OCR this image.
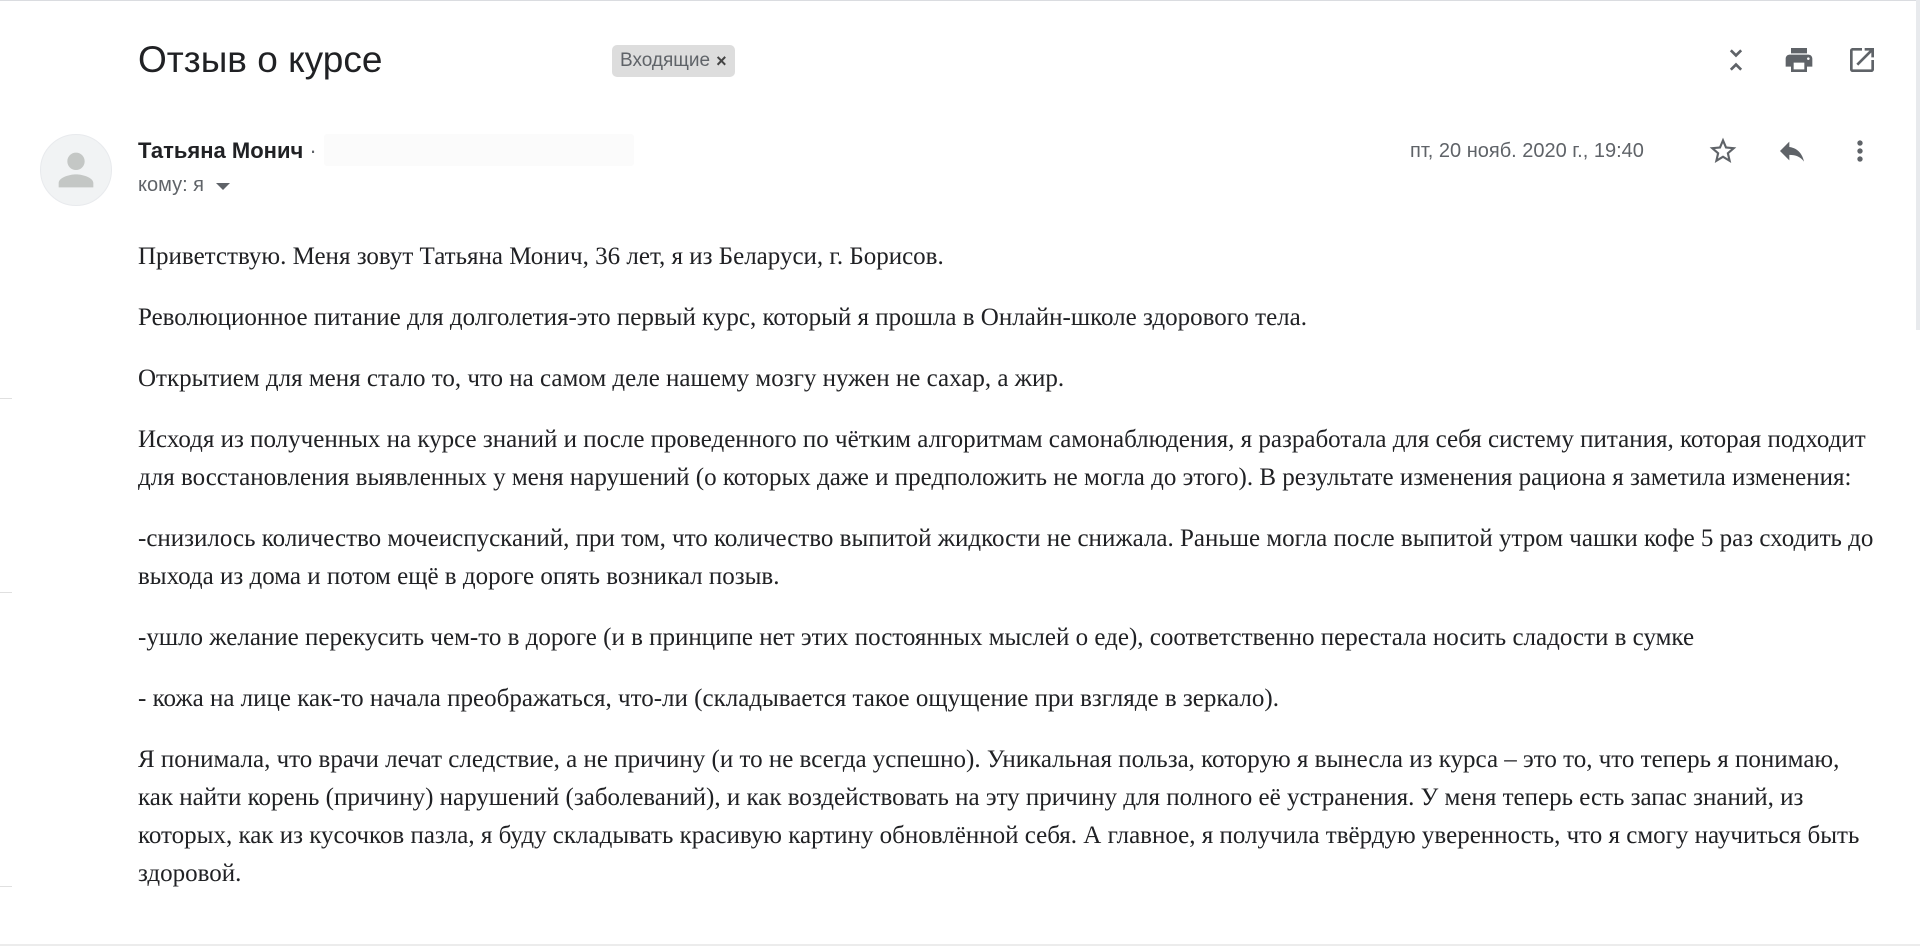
Отзыв о курсе	Входящие ×
Татьяна Монич ·
кому: я
пт, 20 нояб. 2020 г., 19:40

Приветствую. Меня зовут Татьяна Монич, 36 лет, я из Беларуси, г. Борисов.

Революционное питание для долголетия-это первый курс, который я прошла в Онлайн-школе здорового тела.

Открытием для меня стало то, что на самом деле нашему мозгу нужен не сахар, а жир.

Исходя из полученных на курсе знаний и после проведенного по чётким алгоритмам самонаблюдения, я разработала для себя систему питания, которая подходит для восстановления выявленных у меня нарушений (о которых даже и предположить не могла до этого). В результате изменения рациона я заметила изменения:

-снизилось количество мочеиспусканий, при том, что количество выпитой жидкости не снижала. Раньше могла после выпитой утром чашки кофе 5 раз сходить до выхода из дома и потом ещё в дороге опять возникал позыв.

-ушло желание перекусить чем-то в дороге (и в принципе нет этих постоянных мыслей о еде), соответственно перестала носить сладости в сумке

- кожа на лице как-то начала преображаться, что-ли (складывается такое ощущение при взгляде в зеркало).

Я понимала, что врачи лечат следствие, а не причину (и то не всегда успешно). Уникальная польза, которую я вынесла из курса – это то, что теперь я понимаю, как найти корень (причину) нарушений (заболеваний), и как воздействовать на эту причину для полного её устранения. У меня теперь есть запас знаний, из которых, как из кусочков пазла, я буду складывать красивую картину обновлённой себя. А главное, я получила твёрдую уверенность, что я смогу научиться быть здоровой.
